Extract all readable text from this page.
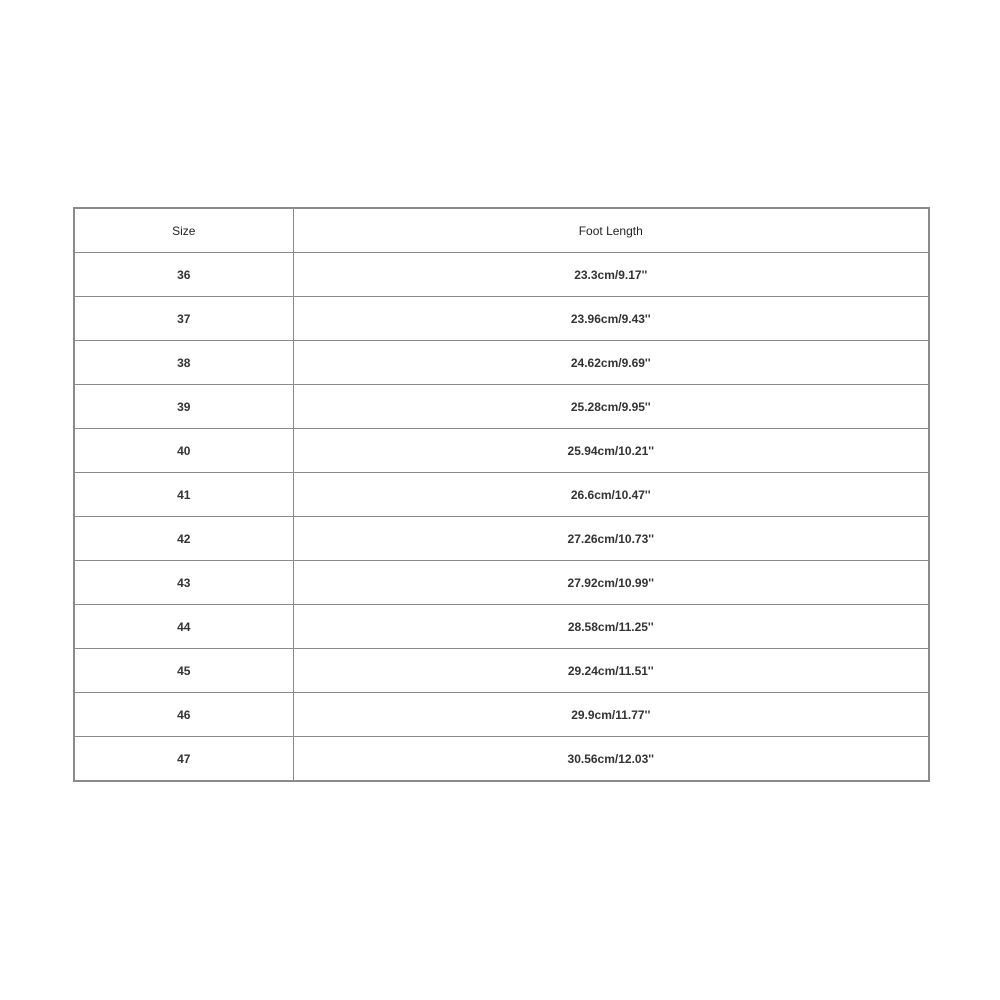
Size	Foot Length
36	23.3cm/9.17''
37	23.96cm/9.43''
38	24.62cm/9.69''
39	25.28cm/9.95''
40	25.94cm/10.21''
41	26.6cm/10.47''
42	27.26cm/10.73''
43	27.92cm/10.99''
44	28.58cm/11.25''
45	29.24cm/11.51''
46	29.9cm/11.77''
47	30.56cm/12.03''
